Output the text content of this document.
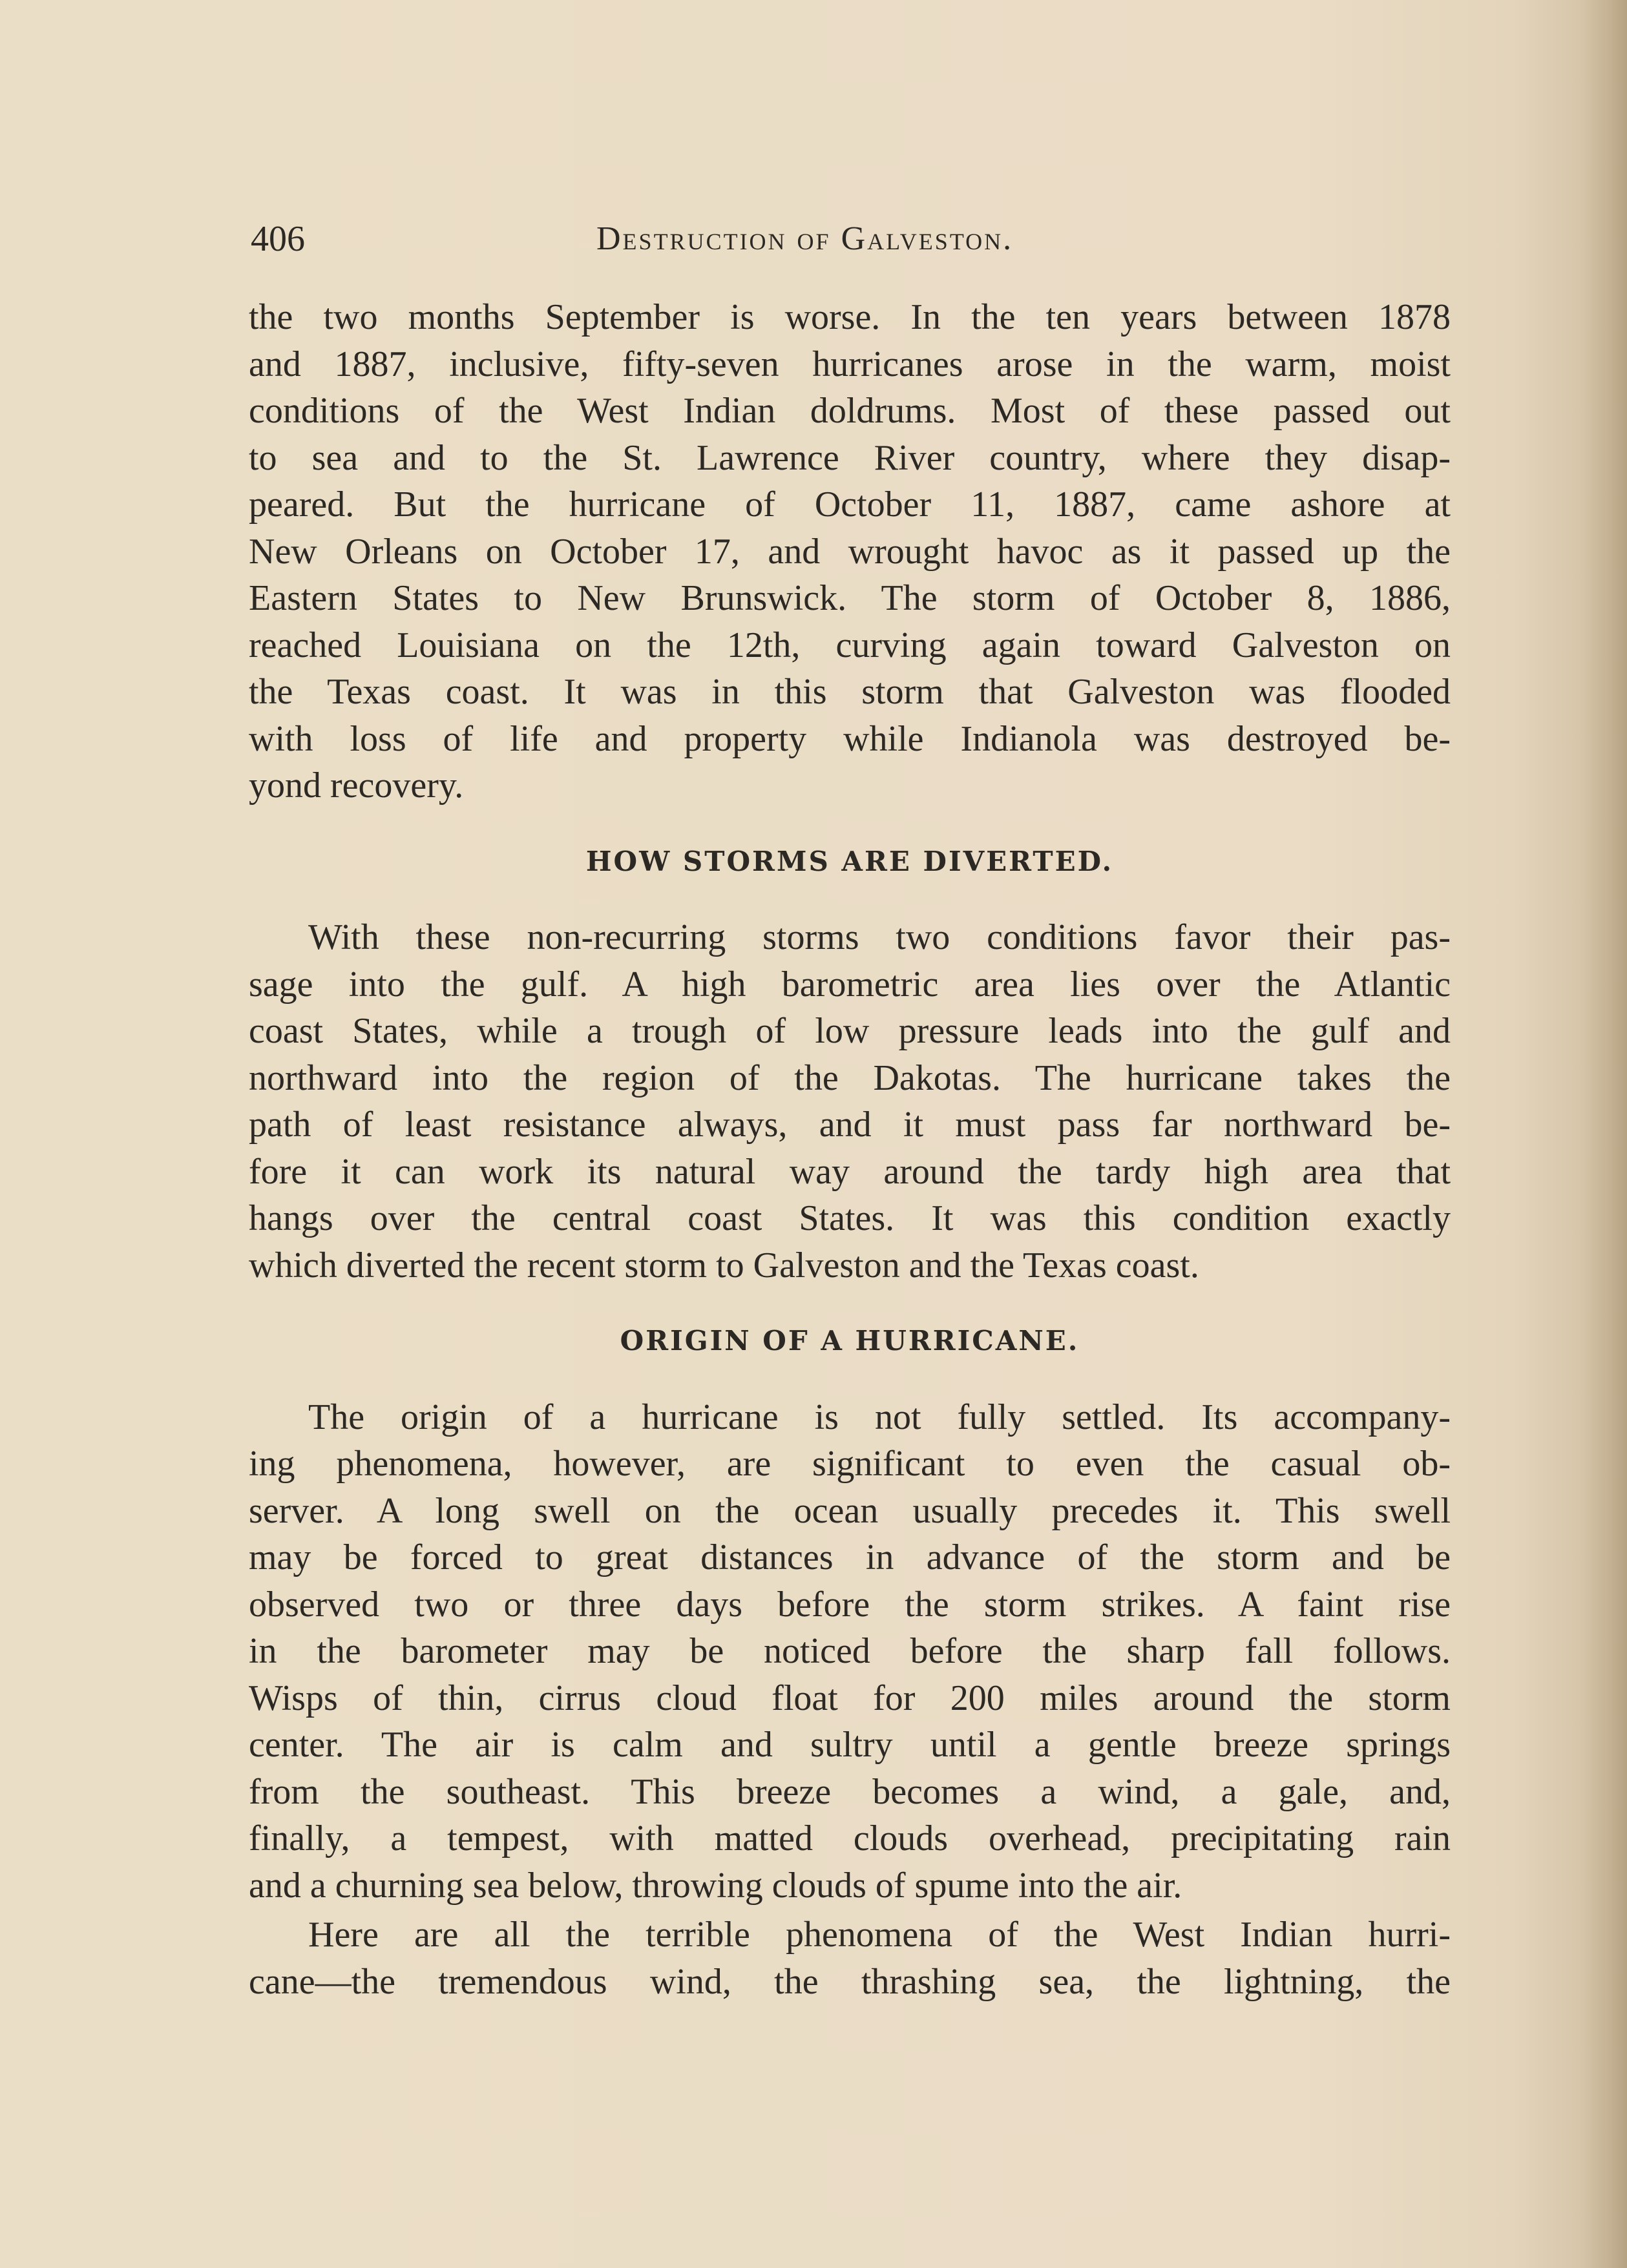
406	Destruction of Galveston.
the two months September is worse. In the ten years between 1878
and 1887, inclusive, fifty-seven hurricanes arose in the warm, moist
conditions of the West Indian doldrums. Most of these passed out
to sea and to the St. Lawrence River country, where they disap-
peared. But the hurricane of October 11, 1887, came ashore at
New Orleans on October 17, and wrought havoc as it passed up the
Eastern States to New Brunswick. The storm of October 8, 1886,
reached Louisiana on the 12th, curving again toward Galveston on
the Texas coast. It was in this storm that Galveston was flooded
with loss of life and property while Indianola was destroyed be-
yond recovery.
HOW STORMS ARE DIVERTED.
With these non-recurring storms two conditions favor their pas-
sage into the gulf. A high barometric area lies over the Atlantic
coast States, while a trough of low pressure leads into the gulf and
northward into the region of the Dakotas. The hurricane takes the
path of least resistance always, and it must pass far northward be-
fore it can work its natural way around the tardy high area that
hangs over the central coast States. It was this condition exactly
which diverted the recent storm to Galveston and the Texas coast.
ORIGIN OF A HURRICANE.
The origin of a hurricane is not fully settled. Its accompany-
ing phenomena, however, are significant to even the casual ob-
server. A long swell on the ocean usually precedes it. This swell
may be forced to great distances in advance of the storm and be
observed two or three days before the storm strikes. A faint rise
in the barometer may be noticed before the sharp fall follows.
Wisps of thin, cirrus cloud float for 200 miles around the storm
center. The air is calm and sultry until a gentle breeze springs
from the southeast. This breeze becomes a wind, a gale, and,
finally, a tempest, with matted clouds overhead, precipitating rain
and a churning sea below, throwing clouds of spume into the air.
Here are all the terrible phenomena of the West Indian hurri-
cane—the tremendous wind, the thrashing sea, the lightning, the
